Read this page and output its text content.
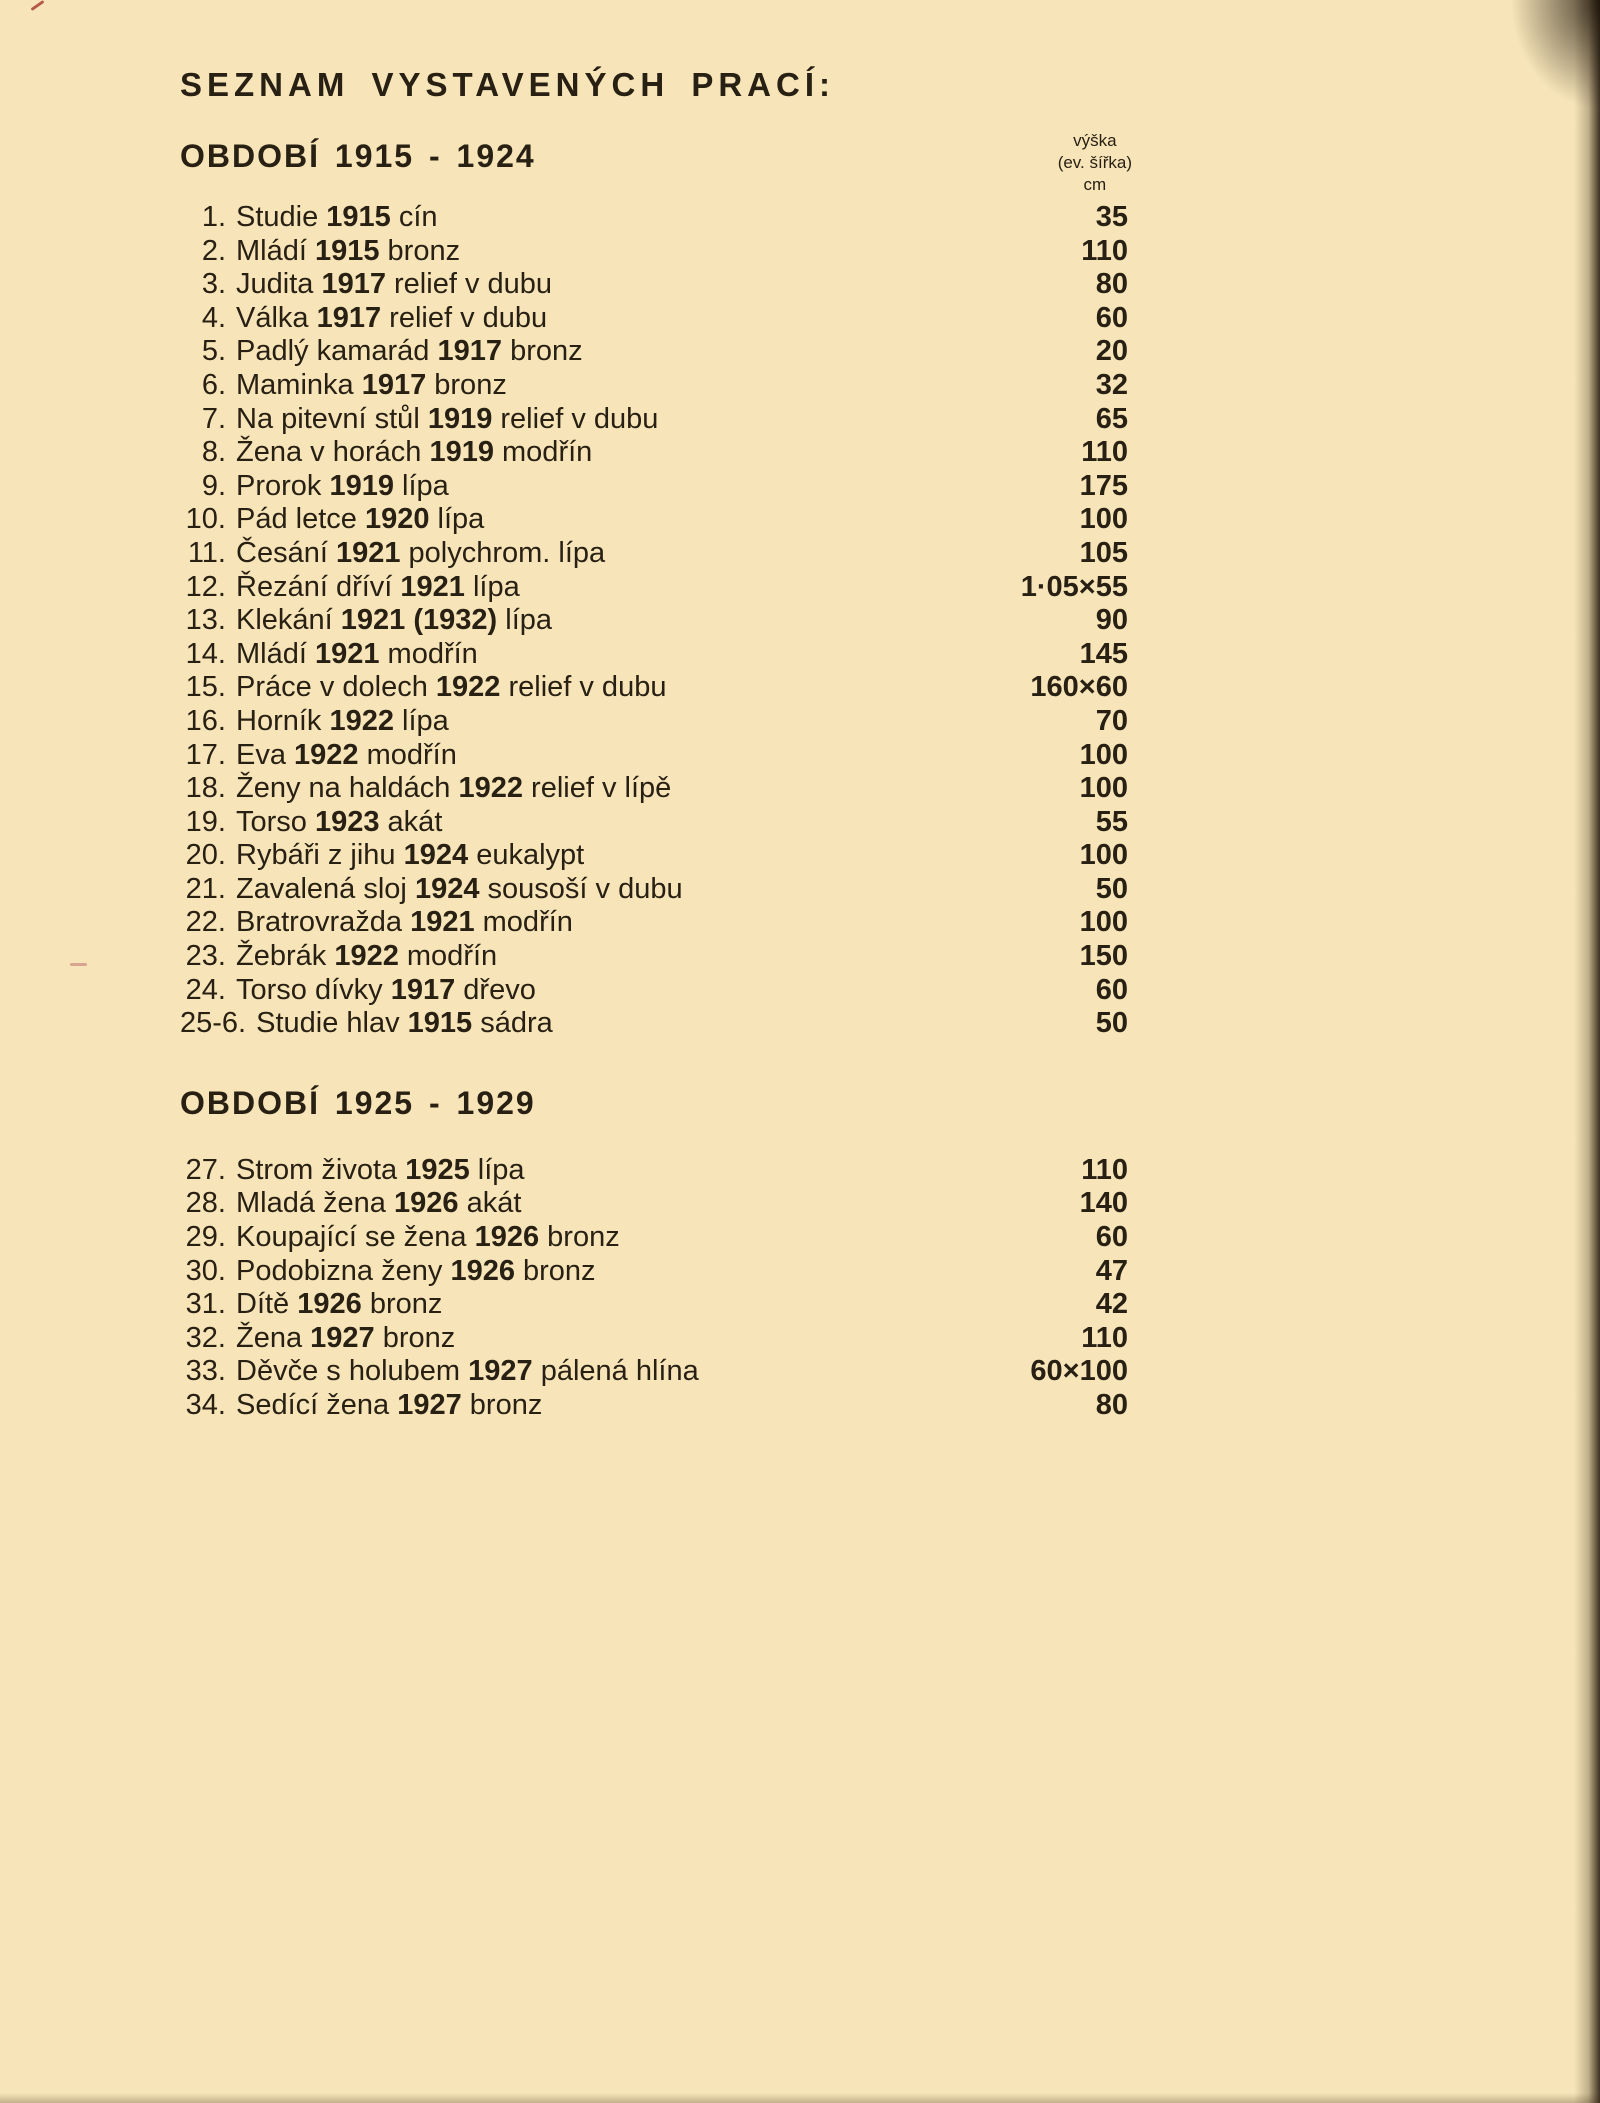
SEZNAM VYSTAVENÝCH PRACÍ:
OBDOBÍ 1915 - 1924	výška
(ev. šířka)
cm
1. Studie 1915 cín	35
2. Mládí 1915 bronz	110
3. Judita 1917 relief v dubu	80
4. Válka 1917 relief v dubu	60
5. Padlý kamarád 1917 bronz	20
6. Maminka 1917 bronz	32
7. Na pitevní stůl 1919 relief v dubu	65
8. Žena v horách 1919 modřín	110
9. Prorok 1919 lípa	175
10. Pád letce 1920 lípa	100
11. Česání 1921 polychrom. lípa	105
12. Řezání dříví 1921 lípa	1·05×55
13. Klekání 1921 (1932) lípa	90
14. Mládí 1921 modřín	145
15. Práce v dolech 1922 relief v dubu	160×60
16. Horník 1922 lípa	70
17. Eva 1922 modřín	100
18. Ženy na haldách 1922 relief v lípě	100
19. Torso 1923 akát	55
20. Rybáři z jihu 1924 eukalypt	100
21. Zavalená sloj 1924 sousoší v dubu	50
22. Bratrovražda 1921 modřín	100
23. Žebrák 1922 modřín	150
24. Torso dívky 1917 dřevo	60
25-6. Studie hlav 1915 sádra	50
OBDOBÍ 1925 - 1929
27. Strom života 1925 lípa	110
28. Mladá žena 1926 akát	140
29. Koupající se žena 1926 bronz	60
30. Podobizna ženy 1926 bronz	47
31. Dítě 1926 bronz	42
32. Žena 1927 bronz	110
33. Děvče s holubem 1927 pálená hlína	60×100
34. Sedící žena 1927 bronz	80
